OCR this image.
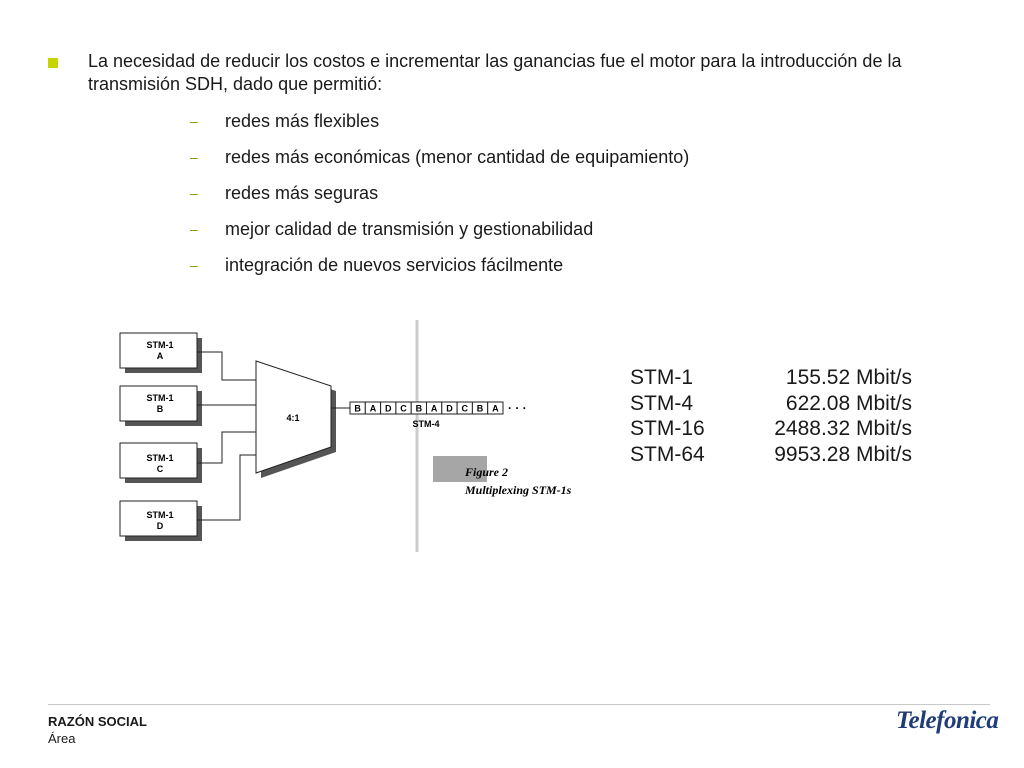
La necesidad de reducir los costos e incrementar las ganancias fue el motor para la introducción de la transmisión SDH, dado que permitió:
– redes más flexibles
– redes más económicas (menor cantidad de equipamiento)
– redes más seguras
– mejor calidad de transmisión y gestionabilidad
– integración de nuevos servicios fácilmente
STM-1
A
STM-1
B
STM-1
C
STM-1
D
4:1
B A D C B A D C B A · · ·
STM-4
Figure 2
Multiplexing STM-1s
STM-1	155.52 Mbit/s
STM-4	622.08 Mbit/s
STM-16	2488.32 Mbit/s
STM-64	9953.28 Mbit/s
RAZÓN SOCIAL
Área
Telefonica
